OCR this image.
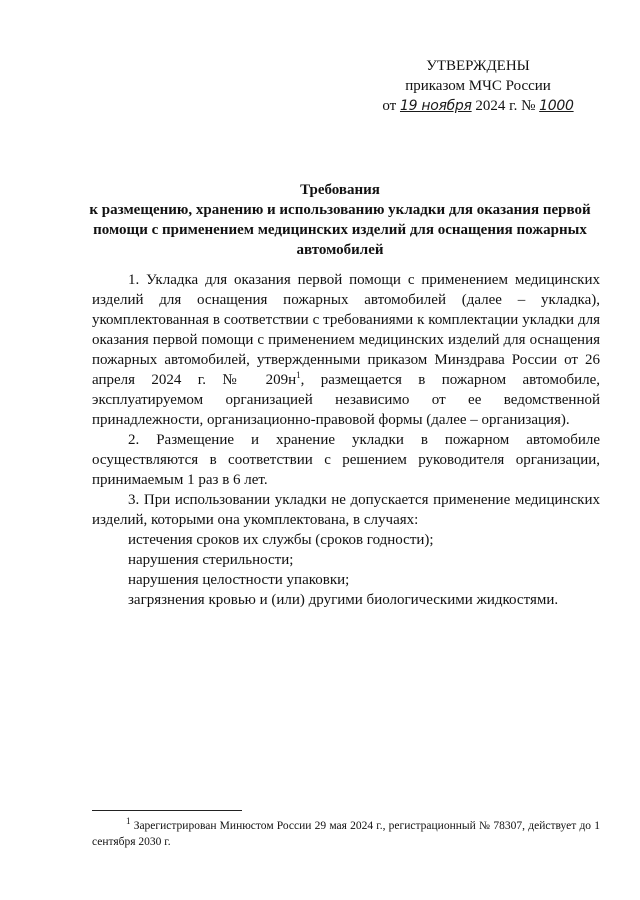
УТВЕРЖДЕНЫ
приказом МЧС России
от 19 ноября 2024 г. № 1000
Требования
к размещению, хранению и использованию укладки для оказания первой помощи с применением медицинских изделий для оснащения пожарных автомобилей

1. Укладка для оказания первой помощи с применением медицинских изделий для оснащения пожарных автомобилей (далее – укладка), укомплектованная в соответствии с требованиями к комплектации укладки для оказания первой помощи с применением медицинских изделий для оснащения пожарных автомобилей, утвержденными приказом Минздрава России от 26 апреля 2024 г. № $209н^1$, размещается в пожарном автомобиле, эксплуатируемом организацией независимо от ее ведомственной принадлежности, организационно-правовой формы (далее – организация).

2. Размещение и хранение укладки в пожарном автомобиле осуществляются в соответствии с решением руководителя организации, принимаемым 1 раз в 6 лет.

3. При использовании укладки не допускается применение медицинских изделий, которыми она укомплектована, в случаях:

истечения сроков их службы (сроков годности);

нарушения стерильности;

нарушения целостности упаковки;

загрязнения кровью и (или) другими биологическими жидкостями.

$^1$ Зарегистрирован Минюстом России 29 мая 2024 г., регистрационный № 78307, действует до 1 сентября 2030 г.
